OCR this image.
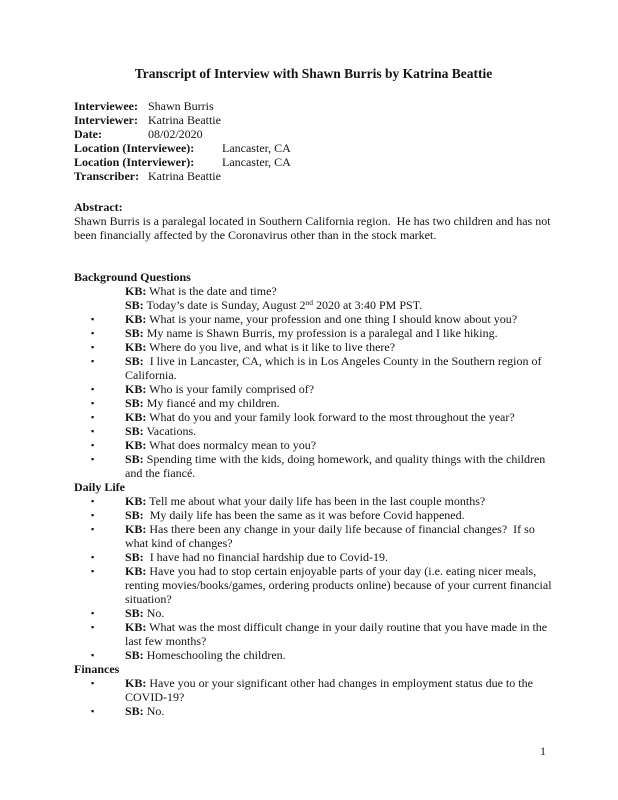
Transcript of Interview with Shawn Burris by Katrina Beattie
Interviewee: Shawn Burris
Interviewer: Katrina Beattie
Date:	08/02/2020
Location (Interviewee): Lancaster, CA
Location (Interviewer): Lancaster, CA
Transcriber: Katrina Beattie
Abstract:
Shawn Burris is a paralegal located in Southern California region.  He has two children and has not been financially affected by the Coronavirus other than in the stock market.
Background Questions
KB: What is the date and time?
SB: Today’s date is Sunday, August 2nd 2020 at 3:40 PM PST.
▪	KB: What is your name, your profession and one thing I should know about you?
▪	SB: My name is Shawn Burris, my profession is a paralegal and I like hiking.
▪	KB: Where do you live, and what is it like to live there?
▪	SB:  I live in Lancaster, CA, which is in Los Angeles County in the Southern region of California.
▪	KB: Who is your family comprised of?
▪	SB: My fiancé and my children.
▪	KB: What do you and your family look forward to the most throughout the year?
▪	SB: Vacations.
▪	KB: What does normalcy mean to you?
▪	SB: Spending time with the kids, doing homework, and quality things with the children and the fiancé.
Daily Life
▪	KB: Tell me about what your daily life has been in the last couple months?
▪	SB:  My daily life has been the same as it was before Covid happened.
▪	KB: Has there been any change in your daily life because of financial changes?  If so what kind of changes?
▪	SB:  I have had no financial hardship due to Covid-19.
▪	KB: Have you had to stop certain enjoyable parts of your day (i.e. eating nicer meals, renting movies/books/games, ordering products online) because of your current financial situation?
▪	SB: No.
▪	KB: What was the most difficult change in your daily routine that you have made in the last few months?
▪	SB: Homeschooling the children.
Finances
▪	KB: Have you or your significant other had changes in employment status due to the COVID-19?
▪	SB: No.
1
